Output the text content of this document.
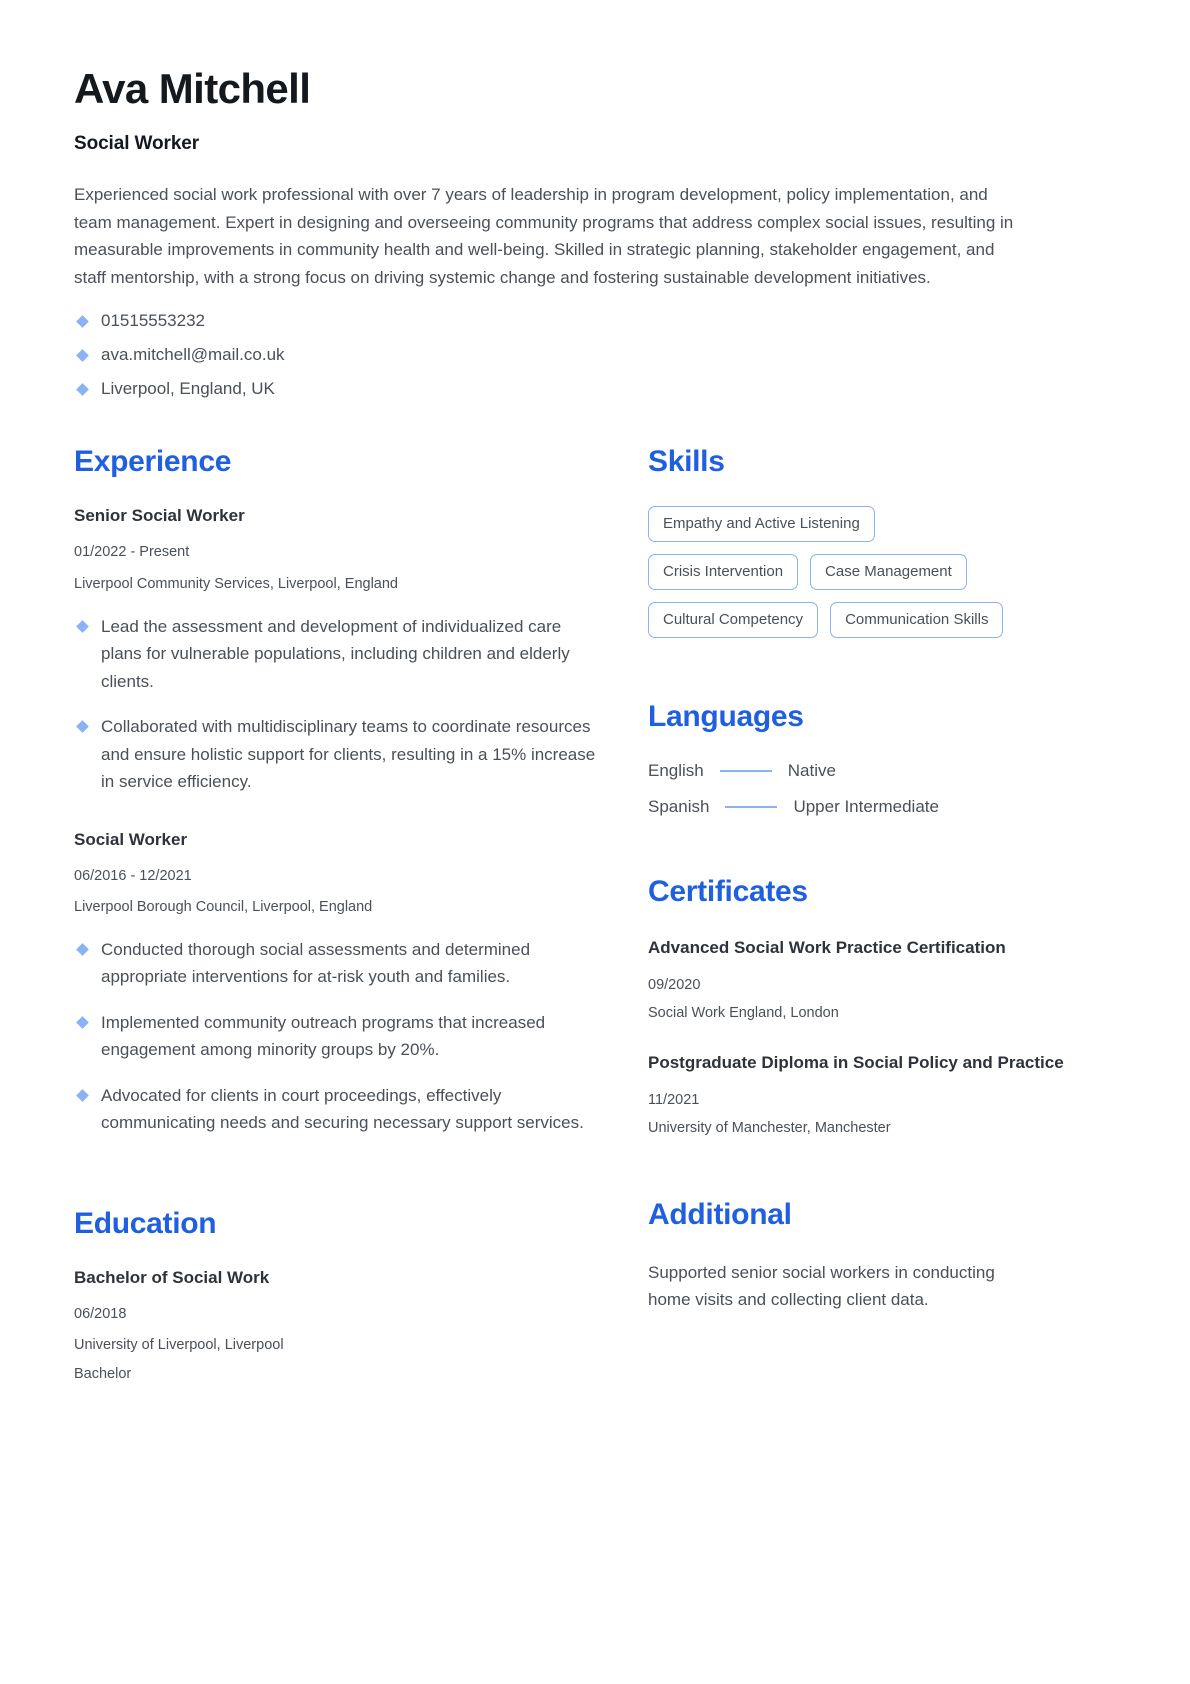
Ava Mitchell
Social Worker

Experienced social work professional with over 7 years of leadership in program development, policy implementation, and team management. Expert in designing and overseeing community programs that address complex social issues, resulting in measurable improvements in community health and well-being. Skilled in strategic planning, stakeholder engagement, and staff mentorship, with a strong focus on driving systemic change and fostering sustainable development initiatives.

01515553232
ava.mitchell@mail.co.uk
Liverpool, England, UK
Experience
Senior Social Worker
01/2022 - Present
Liverpool Community Services, Liverpool, England
Lead the assessment and development of individualized care plans for vulnerable populations, including children and elderly clients.
Collaborated with multidisciplinary teams to coordinate resources and ensure holistic support for clients, resulting in a 15% increase in service efficiency.
Social Worker
06/2016 - 12/2021
Liverpool Borough Council, Liverpool, England
Conducted thorough social assessments and determined appropriate interventions for at-risk youth and families.
Implemented community outreach programs that increased engagement among minority groups by 20%.
Advocated for clients in court proceedings, effectively communicating needs and securing necessary support services.
Education
Bachelor of Social Work
06/2018
University of Liverpool, Liverpool
Bachelor
Skills
Empathy and Active Listening
Crisis Intervention	Case Management
Cultural Competency	Communication Skills
Languages
English	Native
Spanish	Upper Intermediate
Certificates
Advanced Social Work Practice Certification
09/2020
Social Work England, London
Postgraduate Diploma in Social Policy and Practice
11/2021
University of Manchester, Manchester
Additional

Supported senior social workers in conducting home visits and collecting client data.
